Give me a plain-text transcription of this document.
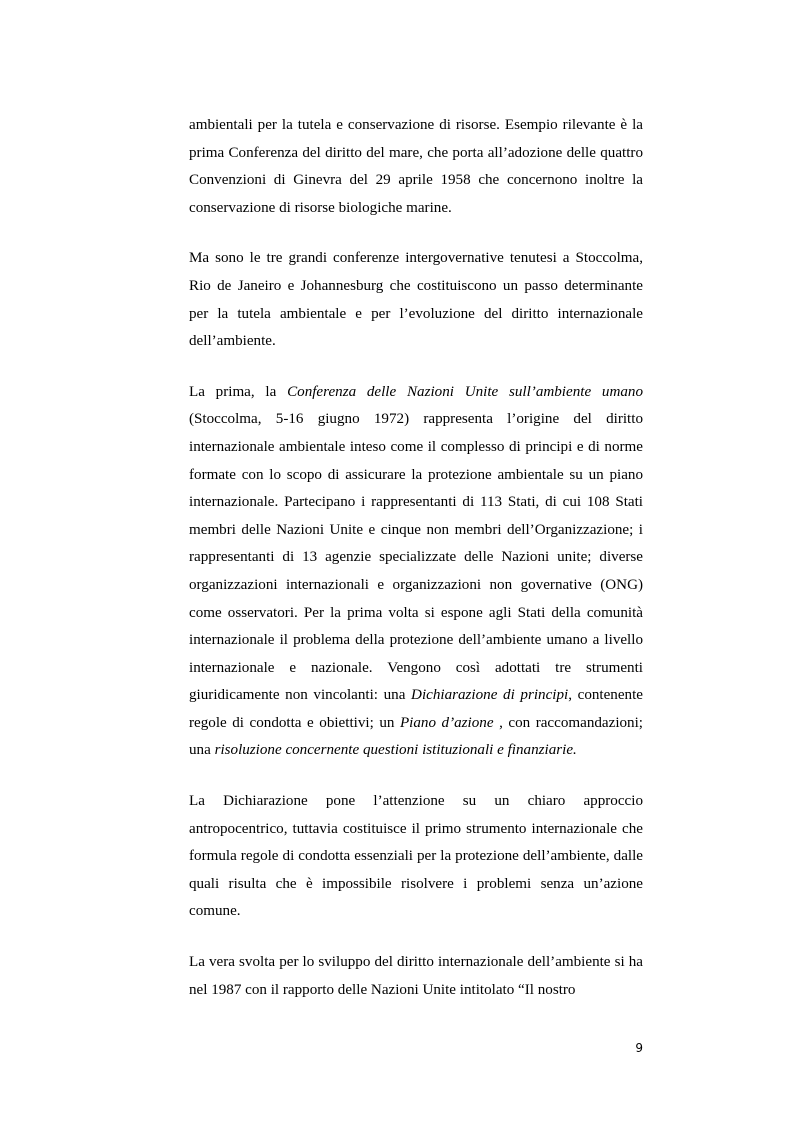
ambientali per la tutela e conservazione di risorse. Esempio rilevante è la prima Conferenza del diritto del mare, che porta all’adozione delle quattro Convenzioni di Ginevra del 29 aprile 1958 che concernono inoltre la conservazione di risorse biologiche marine.

Ma sono le tre grandi conferenze intergovernative tenutesi a Stoccolma, Rio de Janeiro e Johannesburg che costituiscono un passo determinante per la tutela ambientale e per l’evoluzione del diritto internazionale dell’ambiente.

La prima, la Conferenza delle Nazioni Unite sull’ambiente umano (Stoccolma, 5-16 giugno 1972) rappresenta l’origine del diritto internazionale ambientale inteso come il complesso di principi e di norme formate con lo scopo di assicurare la protezione ambientale su un piano internazionale. Partecipano i rappresentanti di 113 Stati, di cui 108 Stati membri delle Nazioni Unite e cinque non membri dell’Organizzazione; i rappresentanti di 13 agenzie specializzate delle Nazioni unite; diverse organizzazioni internazionali e organizzazioni non governative (ONG) come osservatori. Per la prima volta si espone agli Stati della comunità internazionale il problema della protezione dell’ambiente umano a livello internazionale e nazionale. Vengono così adottati tre strumenti giuridicamente non vincolanti: una Dichiarazione di principi, contenente regole di condotta e obiettivi; un Piano d’azione , con raccomandazioni; una risoluzione concernente questioni istituzionali e finanziarie.

La Dichiarazione pone l’attenzione su un chiaro approccio antropocentrico, tuttavia costituisce il primo strumento internazionale che formula regole di condotta essenziali per la protezione dell’ambiente, dalle quali risulta che è impossibile risolvere i problemi senza un’azione comune.

La vera svolta per lo sviluppo del diritto internazionale dell’ambiente si ha nel 1987 con il rapporto delle Nazioni Unite intitolato “Il nostro

9
